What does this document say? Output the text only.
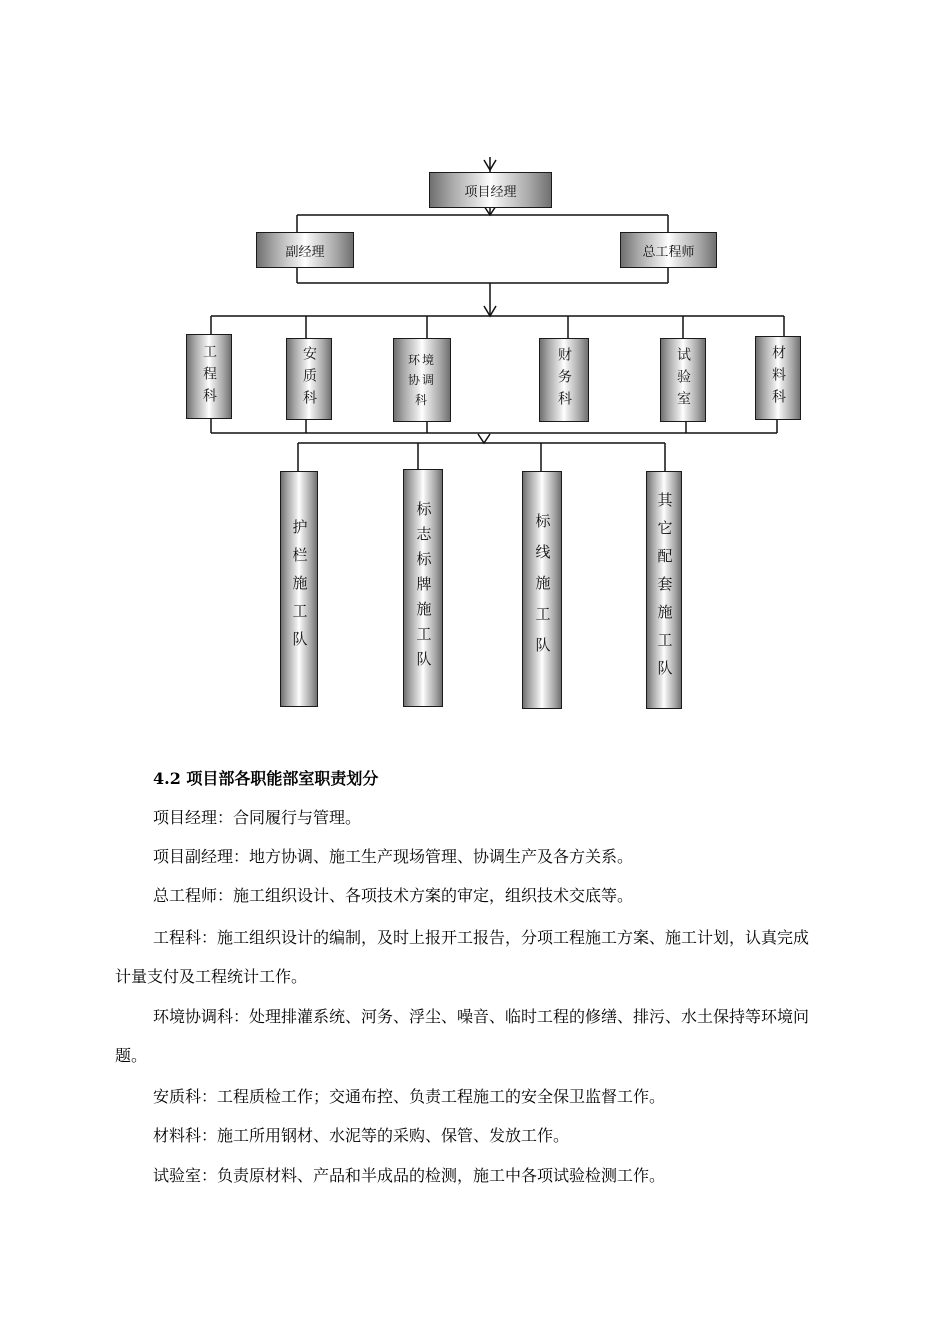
项目经理
副经理	总工程师
工程科	安质科	环境协调科	财务科	试验室	材料科
护栏施工队	标志标牌施工队	标线施工队	其它配套施工队
4.2 项目部各职能部室职责划分
项目经理：合同履行与管理。
项目副经理：地方协调、施工生产现场管理、协调生产及各方关系。
总工程师：施工组织设计、各项技术方案的审定，组织技术交底等。
工程科：施工组织设计的编制，及时上报开工报告，分项工程施工方案、施工计划，认真完成计量支付及工程统计工作。
环境协调科：处理排灌系统、河务、浮尘、噪音、临时工程的修缮、排污、水土保持等环境问题。
安质科：工程质检工作；交通布控、负责工程施工的安全保卫监督工作。
材料科：施工所用钢材、水泥等的采购、保管、发放工作。
试验室：负责原材料、产品和半成品的检测，施工中各项试验检测工作。
